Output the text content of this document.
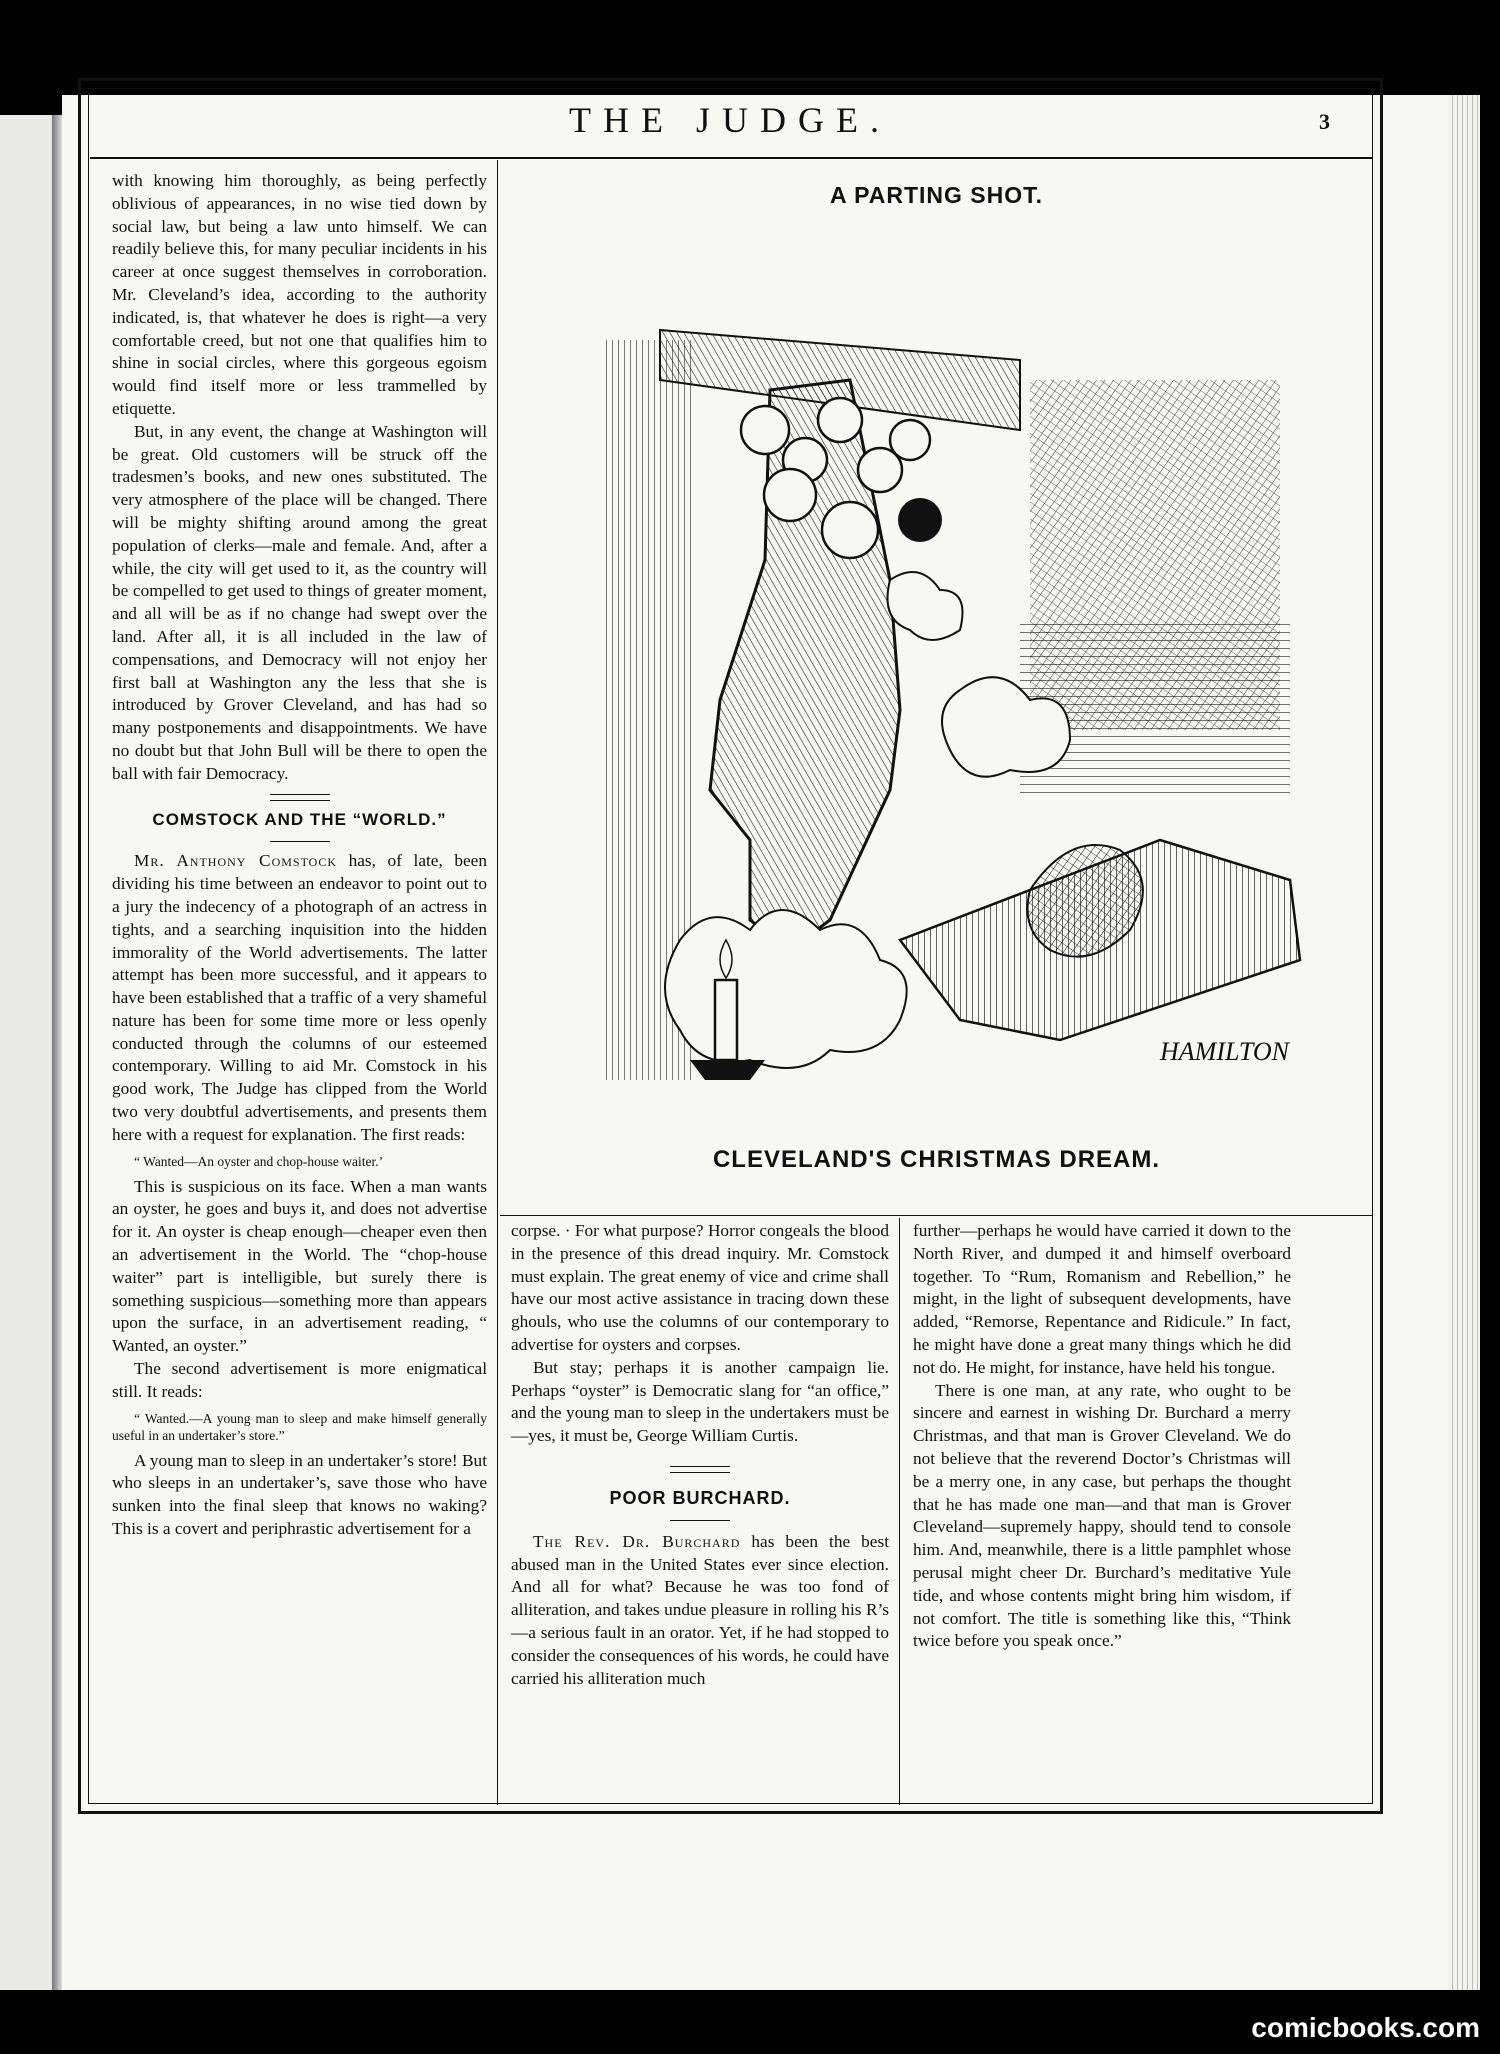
THE JUDGE.	3

with knowing him thoroughly, as being perfectly oblivious of appearances, in no wise tied down by social law, but being a law unto himself. We can readily believe this, for many peculiar incidents in his career at once suggest themselves in corroboration. Mr. Cleveland’s idea, according to the authority indicated, is, that whatever he does is right—a very comfortable creed, but not one that qualifies him to shine in social circles, where this gorgeous egoism would find itself more or less trammelled by etiquette.

But, in any event, the change at Washington will be great. Old customers will be struck off the tradesmen’s books, and new ones substituted. The very atmosphere of the place will be changed. There will be mighty shifting around among the great population of clerks—male and female. And, after a while, the city will get used to it, as the country will be compelled to get used to things of greater moment, and all will be as if no change had swept over the land. After all, it is all included in the law of compensations, and Democracy will not enjoy her first ball at Washington any the less that she is introduced by Grover Cleveland, and has had so many postponements and disappointments. We have no doubt but that John Bull will be there to open the ball with fair Democracy.

COMSTOCK AND THE “WORLD.”

Mr. Anthony Comstock has, of late, been dividing his time between an endeavor to point out to a jury the indecency of a photograph of an actress in tights, and a searching inquisition into the hidden immorality of the World advertisements. The latter attempt has been more successful, and it appears to have been established that a traffic of a very shameful nature has been for some time more or less openly conducted through the columns of our esteemed contemporary. Willing to aid Mr. Comstock in his good work, The Judge has clipped from the World two very doubtful advertisements, and presents them here with a request for explanation. The first reads:

“ Wanted—An oyster and chop-house waiter.’

This is suspicious on its face. When a man wants an oyster, he goes and buys it, and does not advertise for it. An oyster is cheap enough—cheaper even then an advertisement in the World. The “chop-house waiter” part is intelligible, but surely there is something suspicious—something more than appears upon the surface, in an advertisement reading, “ Wanted, an oyster.”

The second advertisement is more enigmatical still. It reads:

“ Wanted.—A young man to sleep and make himself generally useful in an undertaker’s store.”

A young man to sleep in an undertaker’s store! But who sleeps in an undertaker’s, save those who have sunken into the final sleep that knows no waking? This is a covert and periphrastic advertisement for a

A PARTING SHOT.
HAMILTON
CLEVELAND'S CHRISTMAS DREAM.

corpse. · For what purpose? Horror congeals the blood in the presence of this dread inquiry. Mr. Comstock must explain. The great enemy of vice and crime shall have our most active assistance in tracing down these ghouls, who use the columns of our contemporary to advertise for oysters and corpses.

But stay; perhaps it is another campaign lie. Perhaps “oyster” is Democratic slang for “an office,” and the young man to sleep in the undertakers must be—yes, it must be, George William Curtis.

POOR BURCHARD.

The Rev. Dr. Burchard has been the best abused man in the United States ever since election. And all for what? Because he was too fond of alliteration, and takes undue pleasure in rolling his R’s—a serious fault in an orator. Yet, if he had stopped to consider the consequences of his words, he could have carried his alliteration much

further—perhaps he would have carried it down to the North River, and dumped it and himself overboard together. To “Rum, Romanism and Rebellion,” he might, in the light of subsequent developments, have added, “Remorse, Repentance and Ridicule.” In fact, he might have done a great many things which he did not do. He might, for instance, have held his tongue.

There is one man, at any rate, who ought to be sincere and earnest in wishing Dr. Burchard a merry Christmas, and that man is Grover Cleveland. We do not believe that the reverend Doctor’s Christmas will be a merry one, in any case, but perhaps the thought that he has made one man—and that man is Grover Cleveland—supremely happy, should tend to console him. And, meanwhile, there is a little pamphlet whose perusal might cheer Dr. Burchard’s meditative Yule tide, and whose contents might bring him wisdom, if not comfort. The title is something like this, “Think twice before you speak once.”

comicbooks.com
